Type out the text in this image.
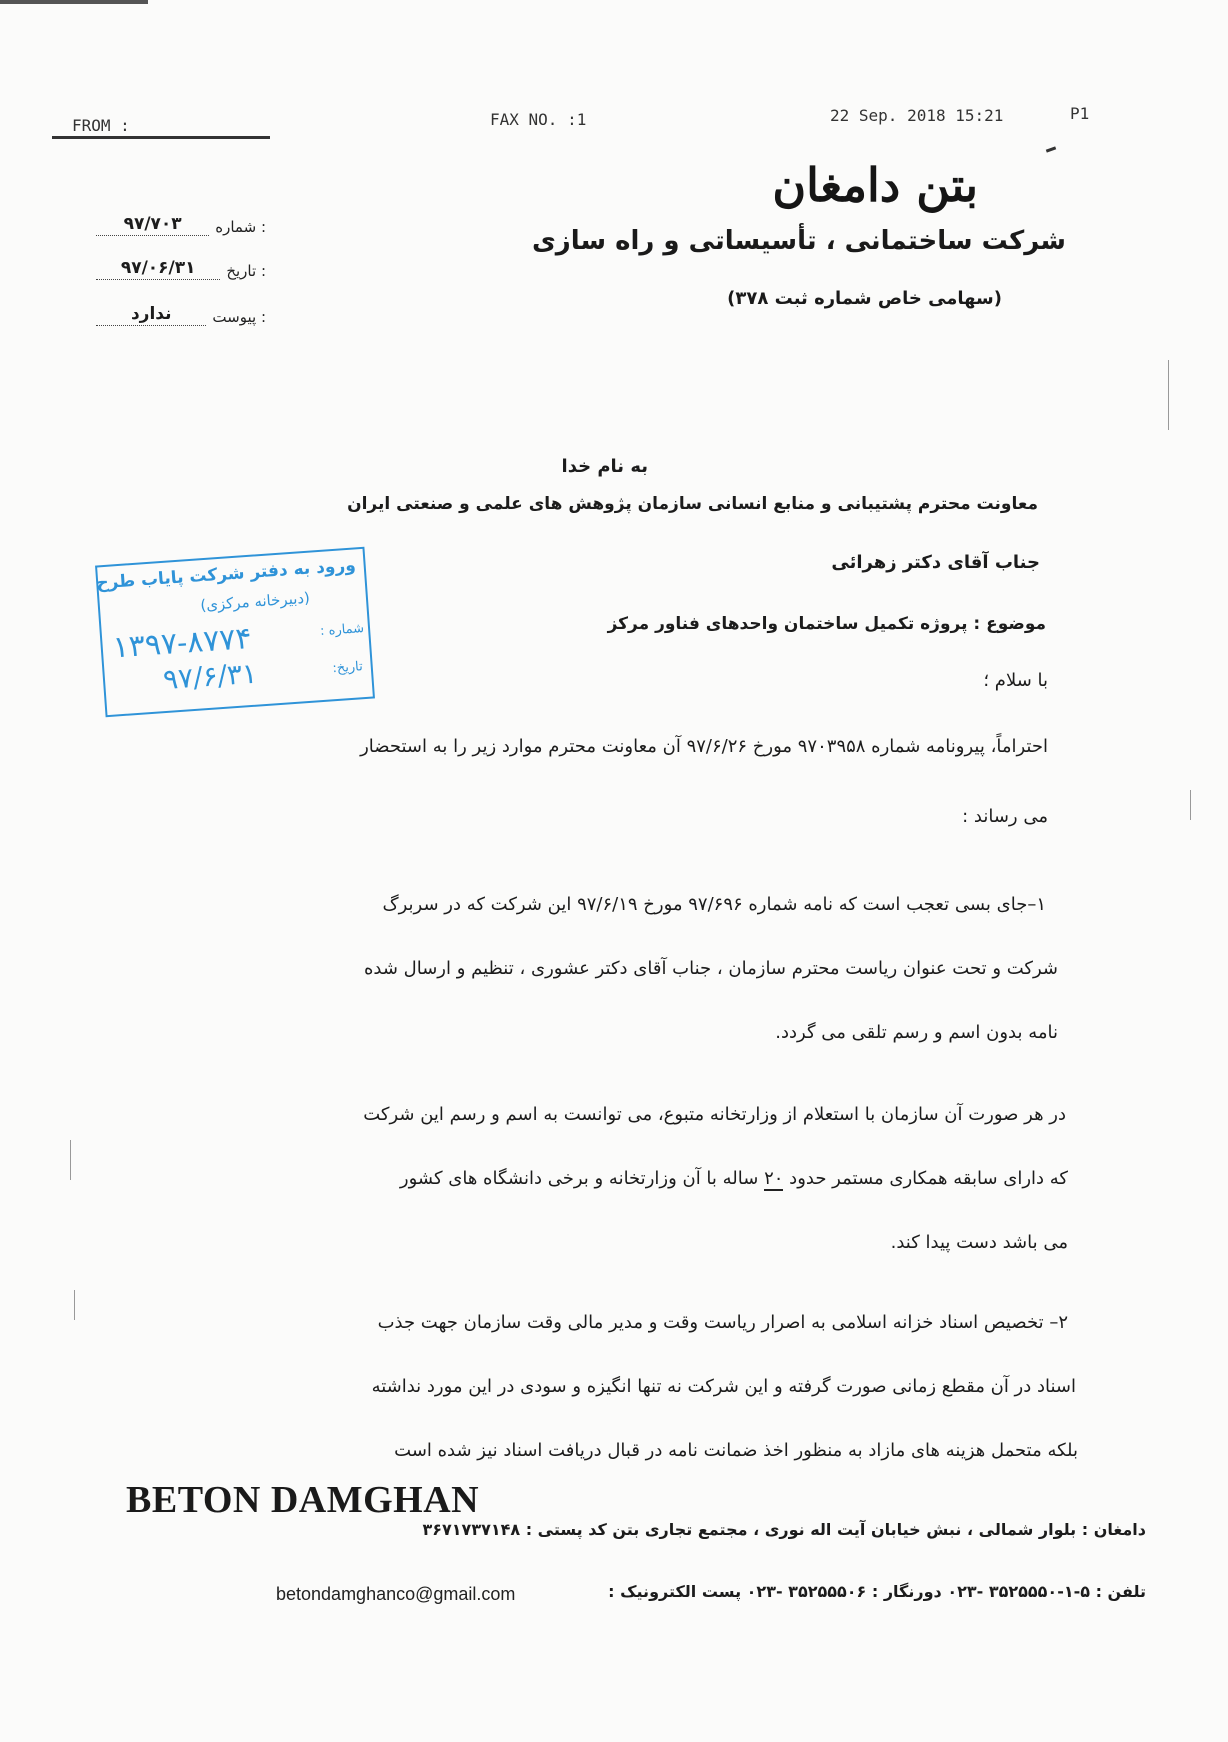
FROM :	FAX NO. :1	22 Sep. 2018 15:21	P1
بتن دامغان
شرکت ساختمانی ، تأسیساتی و راه سازی
(سهامی خاص شماره ثبت ۳۷۸)
شماره :
۹۷/۷۰۳
تاریخ :
۹۷/۰۶/۳۱
پیوست :
ندارد
به نام خدا
معاونت محترم پشتیبانی و منابع انسانی سازمان پژوهش های علمی و صنعتی ایران
جناب آقای دکتر زهرائی
موضوع : پروژه تکمیل ساختمان واحدهای فناور مرکز
با سلام ؛
احتراماً، پیرونامه شماره ۹۷۰۳۹۵۸ مورخ ۹۷/۶/۲۶ آن معاونت محترم موارد زیر را به استحضار
می رساند :
۱–جای بسی تعجب است که نامه شماره ۹۷/۶۹۶ مورخ ۹۷/۶/۱۹ این شرکت که در سربرگ
شرکت و تحت عنوان ریاست محترم سازمان ، جناب آقای دکتر عشوری ، تنظیم و ارسال شده
نامه بدون اسم و رسم تلقی می گردد.
در هر صورت آن سازمان با استعلام از وزارتخانه متبوع، می توانست به اسم و رسم این شرکت
که دارای سابقه همکاری مستمر حدود ۲۰ ساله با آن وزارتخانه و برخی دانشگاه های کشور
می باشد دست پیدا کند.
۲– تخصیص اسناد خزانه اسلامی به اصرار ریاست وقت و مدیر مالی وقت سازمان جهت جذب
اسناد در آن مقطع زمانی صورت گرفته و این شرکت نه تنها انگیزه و سودی در این مورد نداشته
بلکه متحمل هزینه های مازاد به منظور اخذ ضمانت نامه در قبال دریافت اسناد نیز شده است
ورود به دفتر شرکت پایاب طرح
(دبیرخانه مرکزی)
شماره :
۱۳۹۷-۸۷۷۴
تاریخ:
۹۷/۶/۳۱
BETON DAMGHAN
دامغان : بلوار شمالی ، نبش خیابان آیت اله نوری ، مجتمع تجاری بتن کد پستی : ۳۶۷۱۷۳۷۱۴۸
تلفن : ۵-۱-۳۵۲۵۵۵۰ -۰۲۳ دورنگار : ۳۵۲۵۵۵۰۶ -۰۲۳ پست الکترونیک :
betondamghanco@gmail.com
